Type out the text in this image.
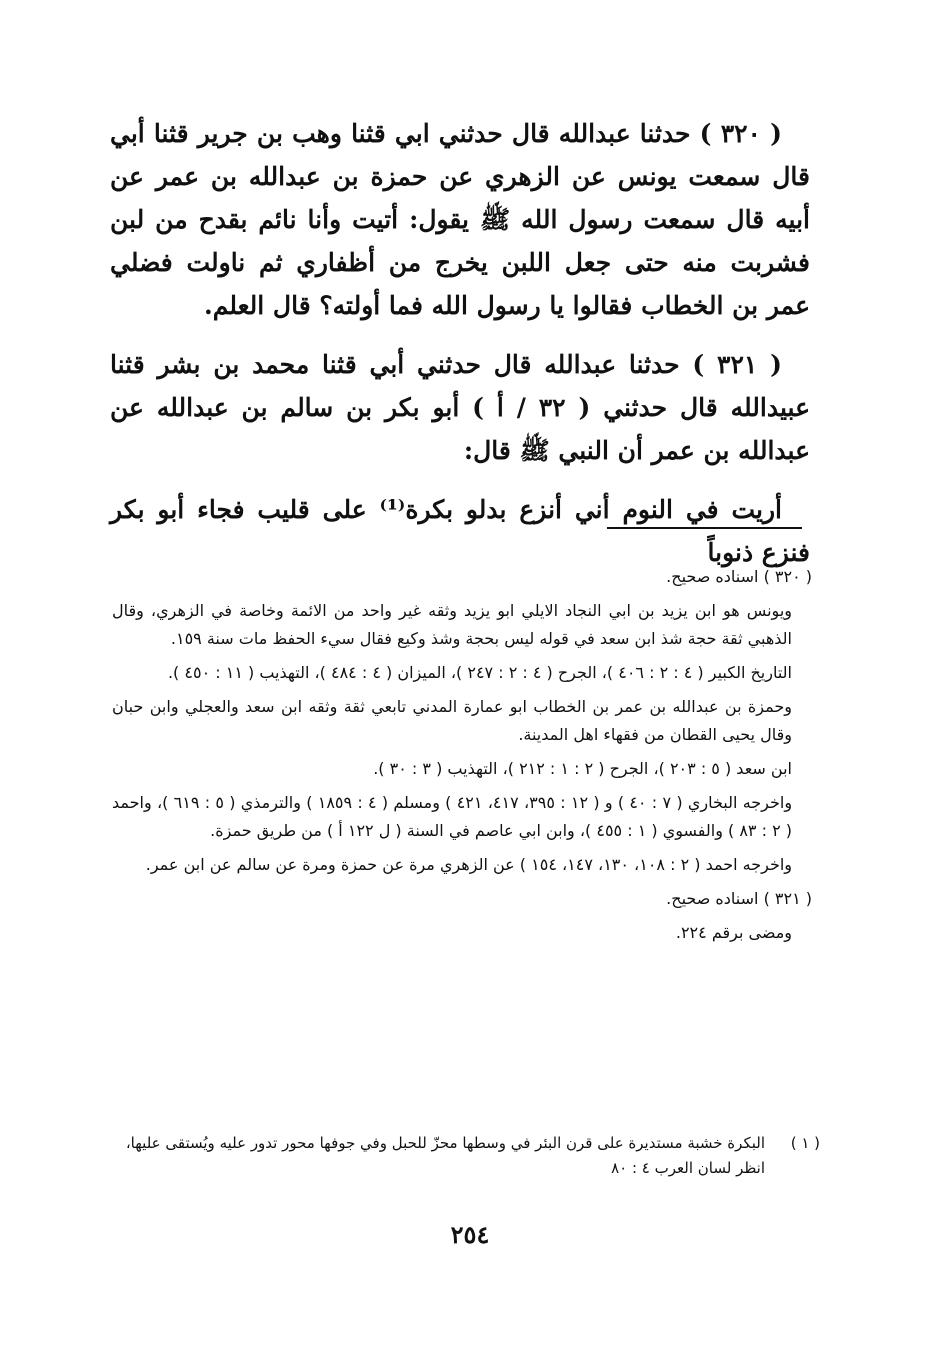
( ٣٢٠ ) حدثنا عبدالله قال حدثني ابي قثنا وهب بن جرير قثنا أبي قال سمعت يونس عن الزهري عن حمزة بن عبدالله بن عمر عن أبيه قال سمعت رسول الله ﷺ يقول: أتيت وأنا نائم بقدح من لبن فشربت منه حتى جعل اللبن يخرج من أظفاري ثم ناولت فضلي عمر بن الخطاب فقالوا يا رسول الله فما أولته؟ قال العلم.

( ٣٢١ ) حدثنا عبدالله قال حدثني أبي قثنا محمد بن بشر قثنا عبيدالله قال حدثني ( ٣٢ / أ ) أبو بكر بن سالم بن عبدالله عن عبدالله بن عمر أن النبي ﷺ قال:

أريت في النوم أني أنزع بدلو بكرة⁽¹⁾ على قليب فجاء أبو بكر فنزع ذنوباً

( ٣٢٠ ) اسناده صحيح.
ويونس هو ابن يزيد بن ابي النجاد الايلي ابو يزيد وثقه غير واحد من الائمة وخاصة في الزهري، وقال الذهبي ثقة حجة شذ ابن سعد في قوله ليس بحجة وشذ وكيع فقال سيء الحفظ مات سنة ١٥٩.
التاريخ الكبير ( ٤ : ٢ : ٤٠٦ )، الجرح ( ٤ : ٢ : ٢٤٧ )، الميزان ( ٤ : ٤٨٤ )، التهذيب ( ١١ : ٤٥٠ ).
وحمزة بن عبدالله بن عمر بن الخطاب ابو عمارة المدني تابعي ثقة وثقه ابن سعد والعجلي وابن حبان وقال يحيى القطان من فقهاء اهل المدينة.
ابن سعد ( ٥ : ٢٠٣ )، الجرح ( ٢ : ١ : ٢١٢ )، التهذيب ( ٣ : ٣٠ ).
واخرجه البخاري ( ٧ : ٤٠ ) و ( ١٢ : ٣٩٥، ٤١٧، ٤٢١ ) ومسلم ( ٤ : ١٨٥٩ ) والترمذي ( ٥ : ٦١٩ )، واحمد ( ٢ : ٨٣ ) والفسوي ( ١ : ٤٥٥ )، وابن ابي عاصم في السنة ( ل ١٢٢ أ ) من طريق حمزة.
واخرجه احمد ( ٢ : ١٠٨، ١٣٠، ١٤٧، ١٥٤ ) عن الزهري مرة عن حمزة ومرة عن سالم عن ابن عمر.
( ٣٢١ ) اسناده صحيح.
ومضى برقم ٢٢٤.
( ١ )
البكرة خشبة مستديرة على قرن البئر في وسطها محزّ للحبل وفي جوفها محور تدور عليه ويُستقى عليها، انظر لسان العرب ٤ : ٨٠
٢٥٤
